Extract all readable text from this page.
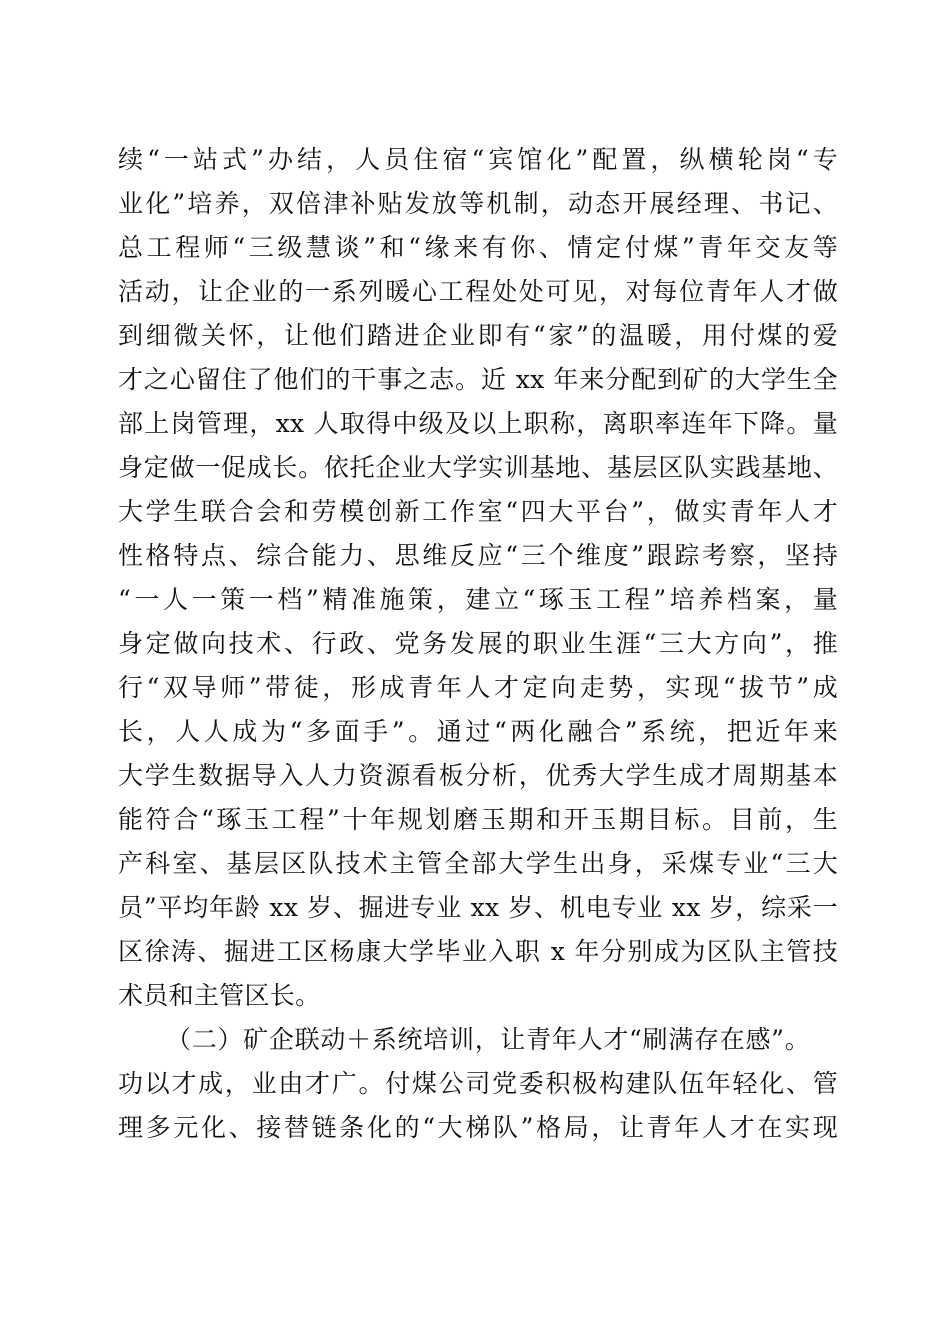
续“一站式”办结，人员住宿“宾馆化”配置，纵横轮岗“专
业化”培养，双倍津补贴发放等机制，动态开展经理、书记、
总工程师“三级慧谈”和“缘来有你、情定付煤”青年交友等
活动，让企业的一系列暖心工程处处可见，对每位青年人才做
到细微关怀，让他们踏进企业即有“家”的温暖，用付煤的爱
才之心留住了他们的干事之志。近 xx 年来分配到矿的大学生全
部上岗管理，xx 人取得中级及以上职称，离职率连年下降。量
身定做一促成长。依托企业大学实训基地、基层区队实践基地、
大学生联合会和劳模创新工作室“四大平台”，做实青年人才
性格特点、综合能力、思维反应“三个维度”跟踪考察，坚持
“一人一策一档”精准施策，建立“琢玉工程”培养档案，量
身定做向技术、行政、党务发展的职业生涯“三大方向”，推
行“双导师”带徒，形成青年人才定向走势，实现“拔节”成
长，人人成为“多面手”。通过“两化融合”系统，把近年来
大学生数据导入人力资源看板分析，优秀大学生成才周期基本
能符合“琢玉工程”十年规划磨玉期和开玉期目标。目前，生
产科室、基层区队技术主管全部大学生出身，采煤专业“三大
员”平均年龄 xx 岁、掘进专业 xx 岁、机电专业 xx 岁，综采一
区徐涛、掘进工区杨康大学毕业入职 x 年分别成为区队主管技
术员和主管区长。
（二）矿企联动＋系统培训，让青年人才“刷满存在感”。
功以才成，业由才广。付煤公司党委积极构建队伍年轻化、管
理多元化、接替链条化的“大梯队”格局，让青年人才在实现
